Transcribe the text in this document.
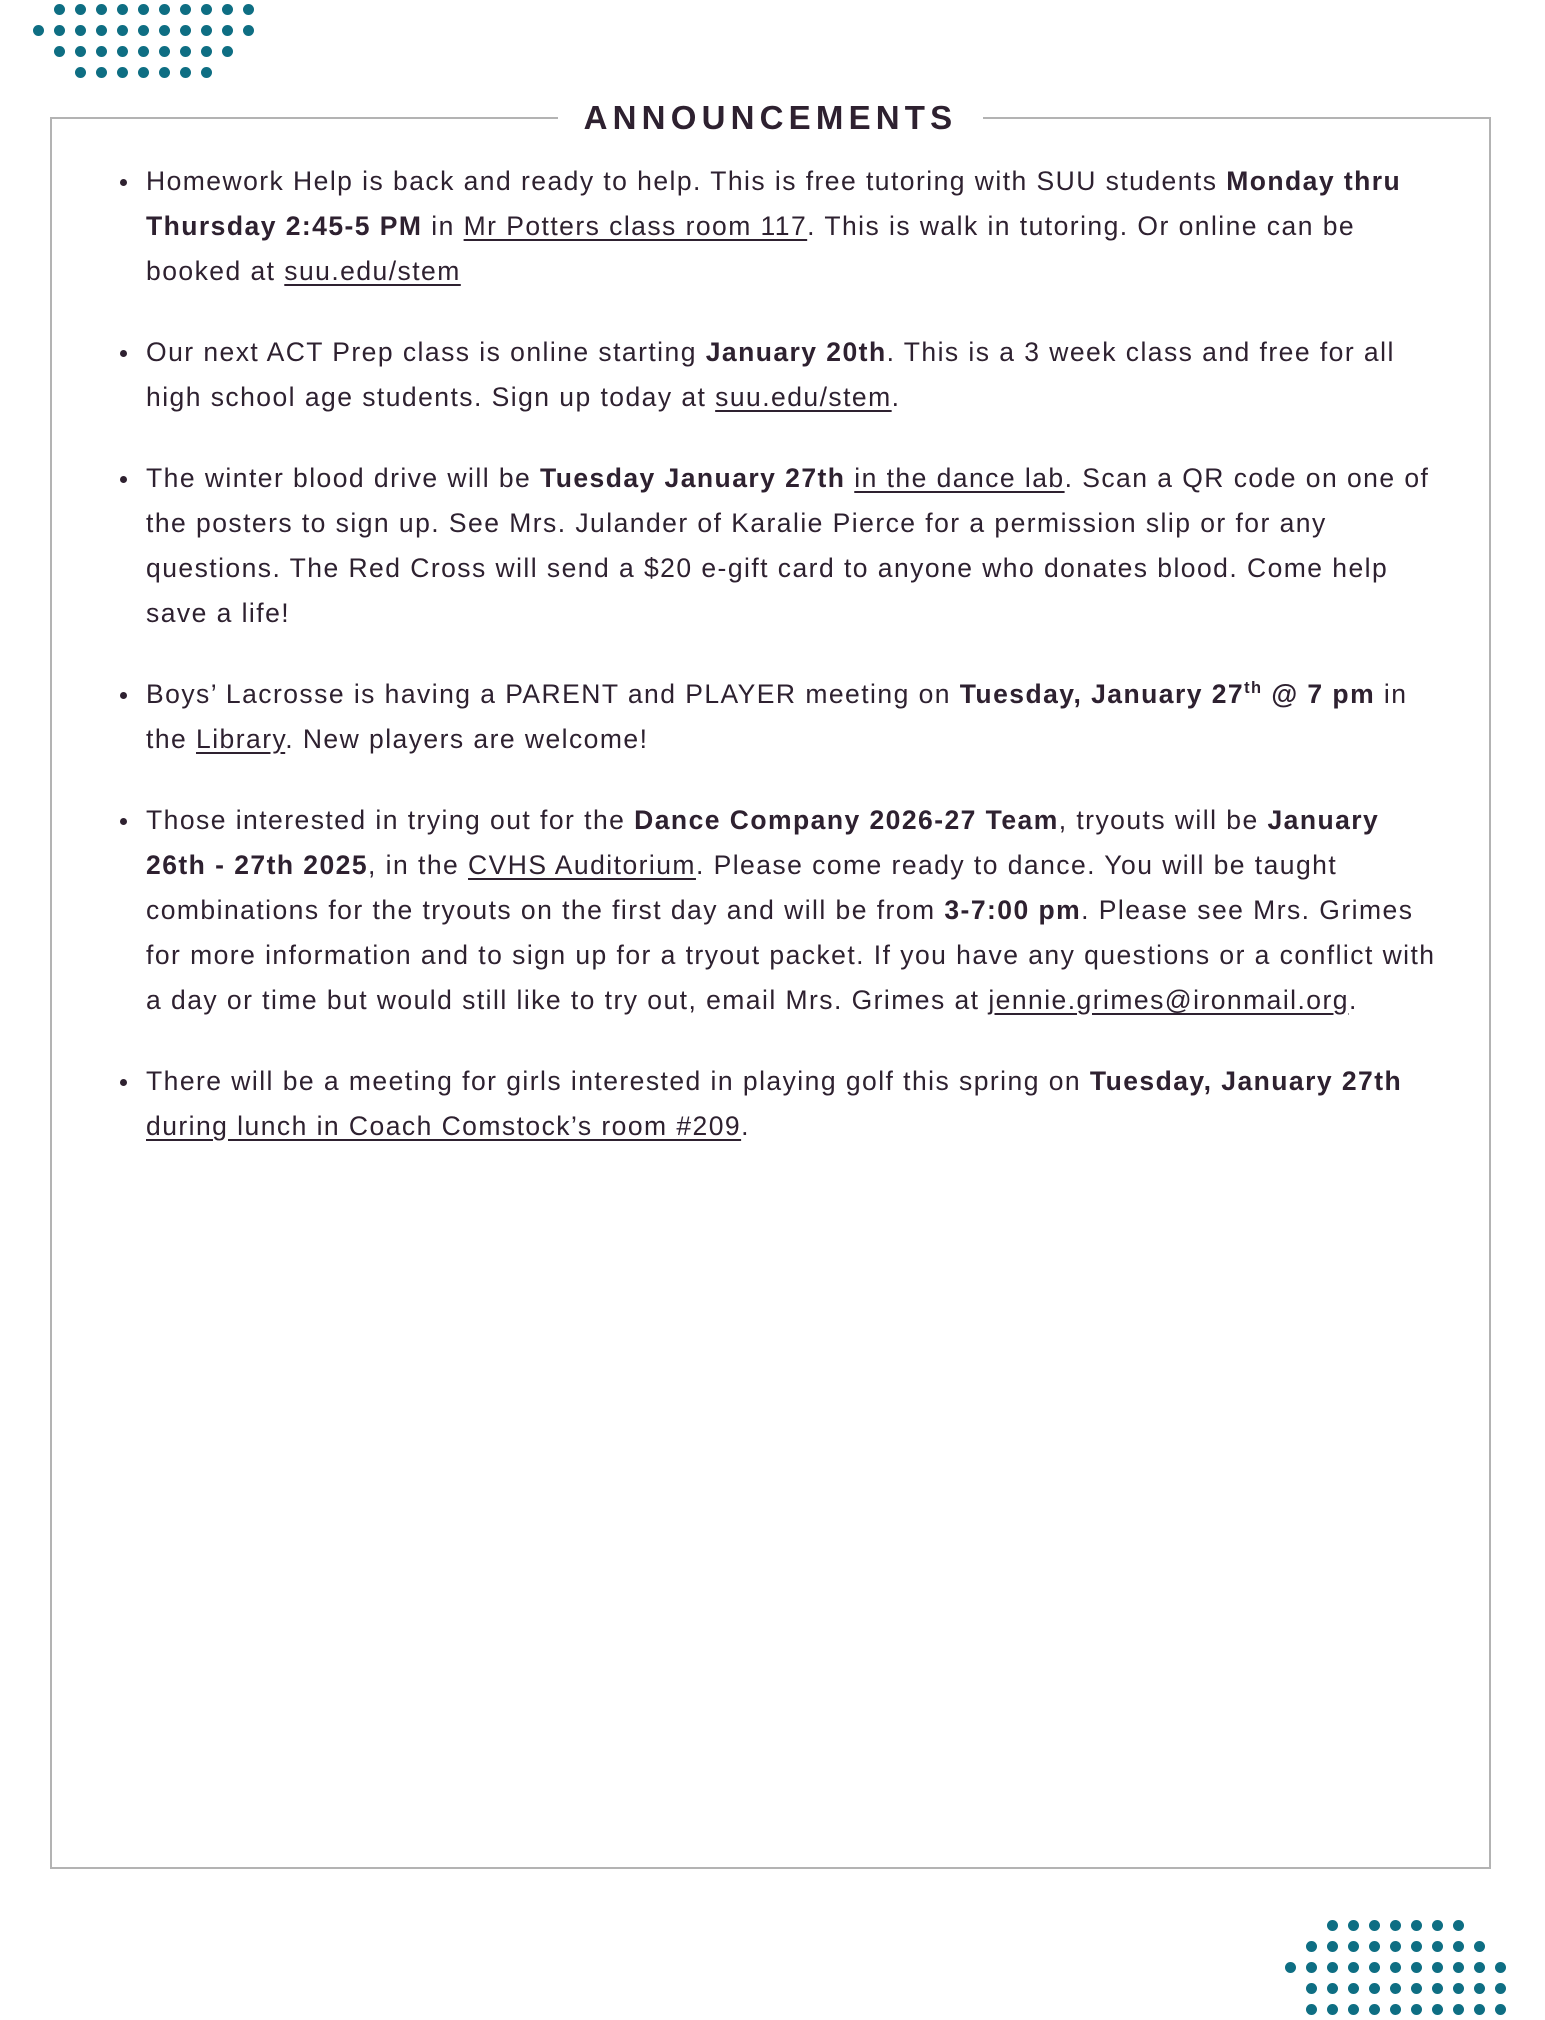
Homework Help is back and ready to help. This is free tutoring with SUU students Monday thru Thursday 2:45-5 PM in Mr Potters class room 117. This is walk in tutoring. Or online can be booked at suu.edu/stem
Our next ACT Prep class is online starting January 20th. This is a 3 week class and free for all high school age students. Sign up today at suu.edu/stem.
The winter blood drive will be Tuesday January 27th in the dance lab. Scan a QR code on one of the posters to sign up. See Mrs. Julander of Karalie Pierce for a permission slip or for any questions. The Red Cross will send a $20 e-gift card to anyone who donates blood. Come help save a life!
Boys’ Lacrosse is having a PARENT and PLAYER meeting on Tuesday, January 27th @ 7 pm in the Library. New players are welcome!
Those interested in trying out for the Dance Company 2026-27 Team, tryouts will be January 26th - 27th 2025, in the CVHS Auditorium. Please come ready to dance. You will be taught combinations for the tryouts on the first day and will be from 3-7:00 pm. Please see Mrs. Grimes for more information and to sign up for a tryout packet. If you have any questions or a conflict with a day or time but would still like to try out, email Mrs. Grimes at jennie.grimes@ironmail.org.
There will be a meeting for girls interested in playing golf this spring on Tuesday, January 27th during lunch in Coach Comstock’s room #209.
ANNOUNCEMENTS
